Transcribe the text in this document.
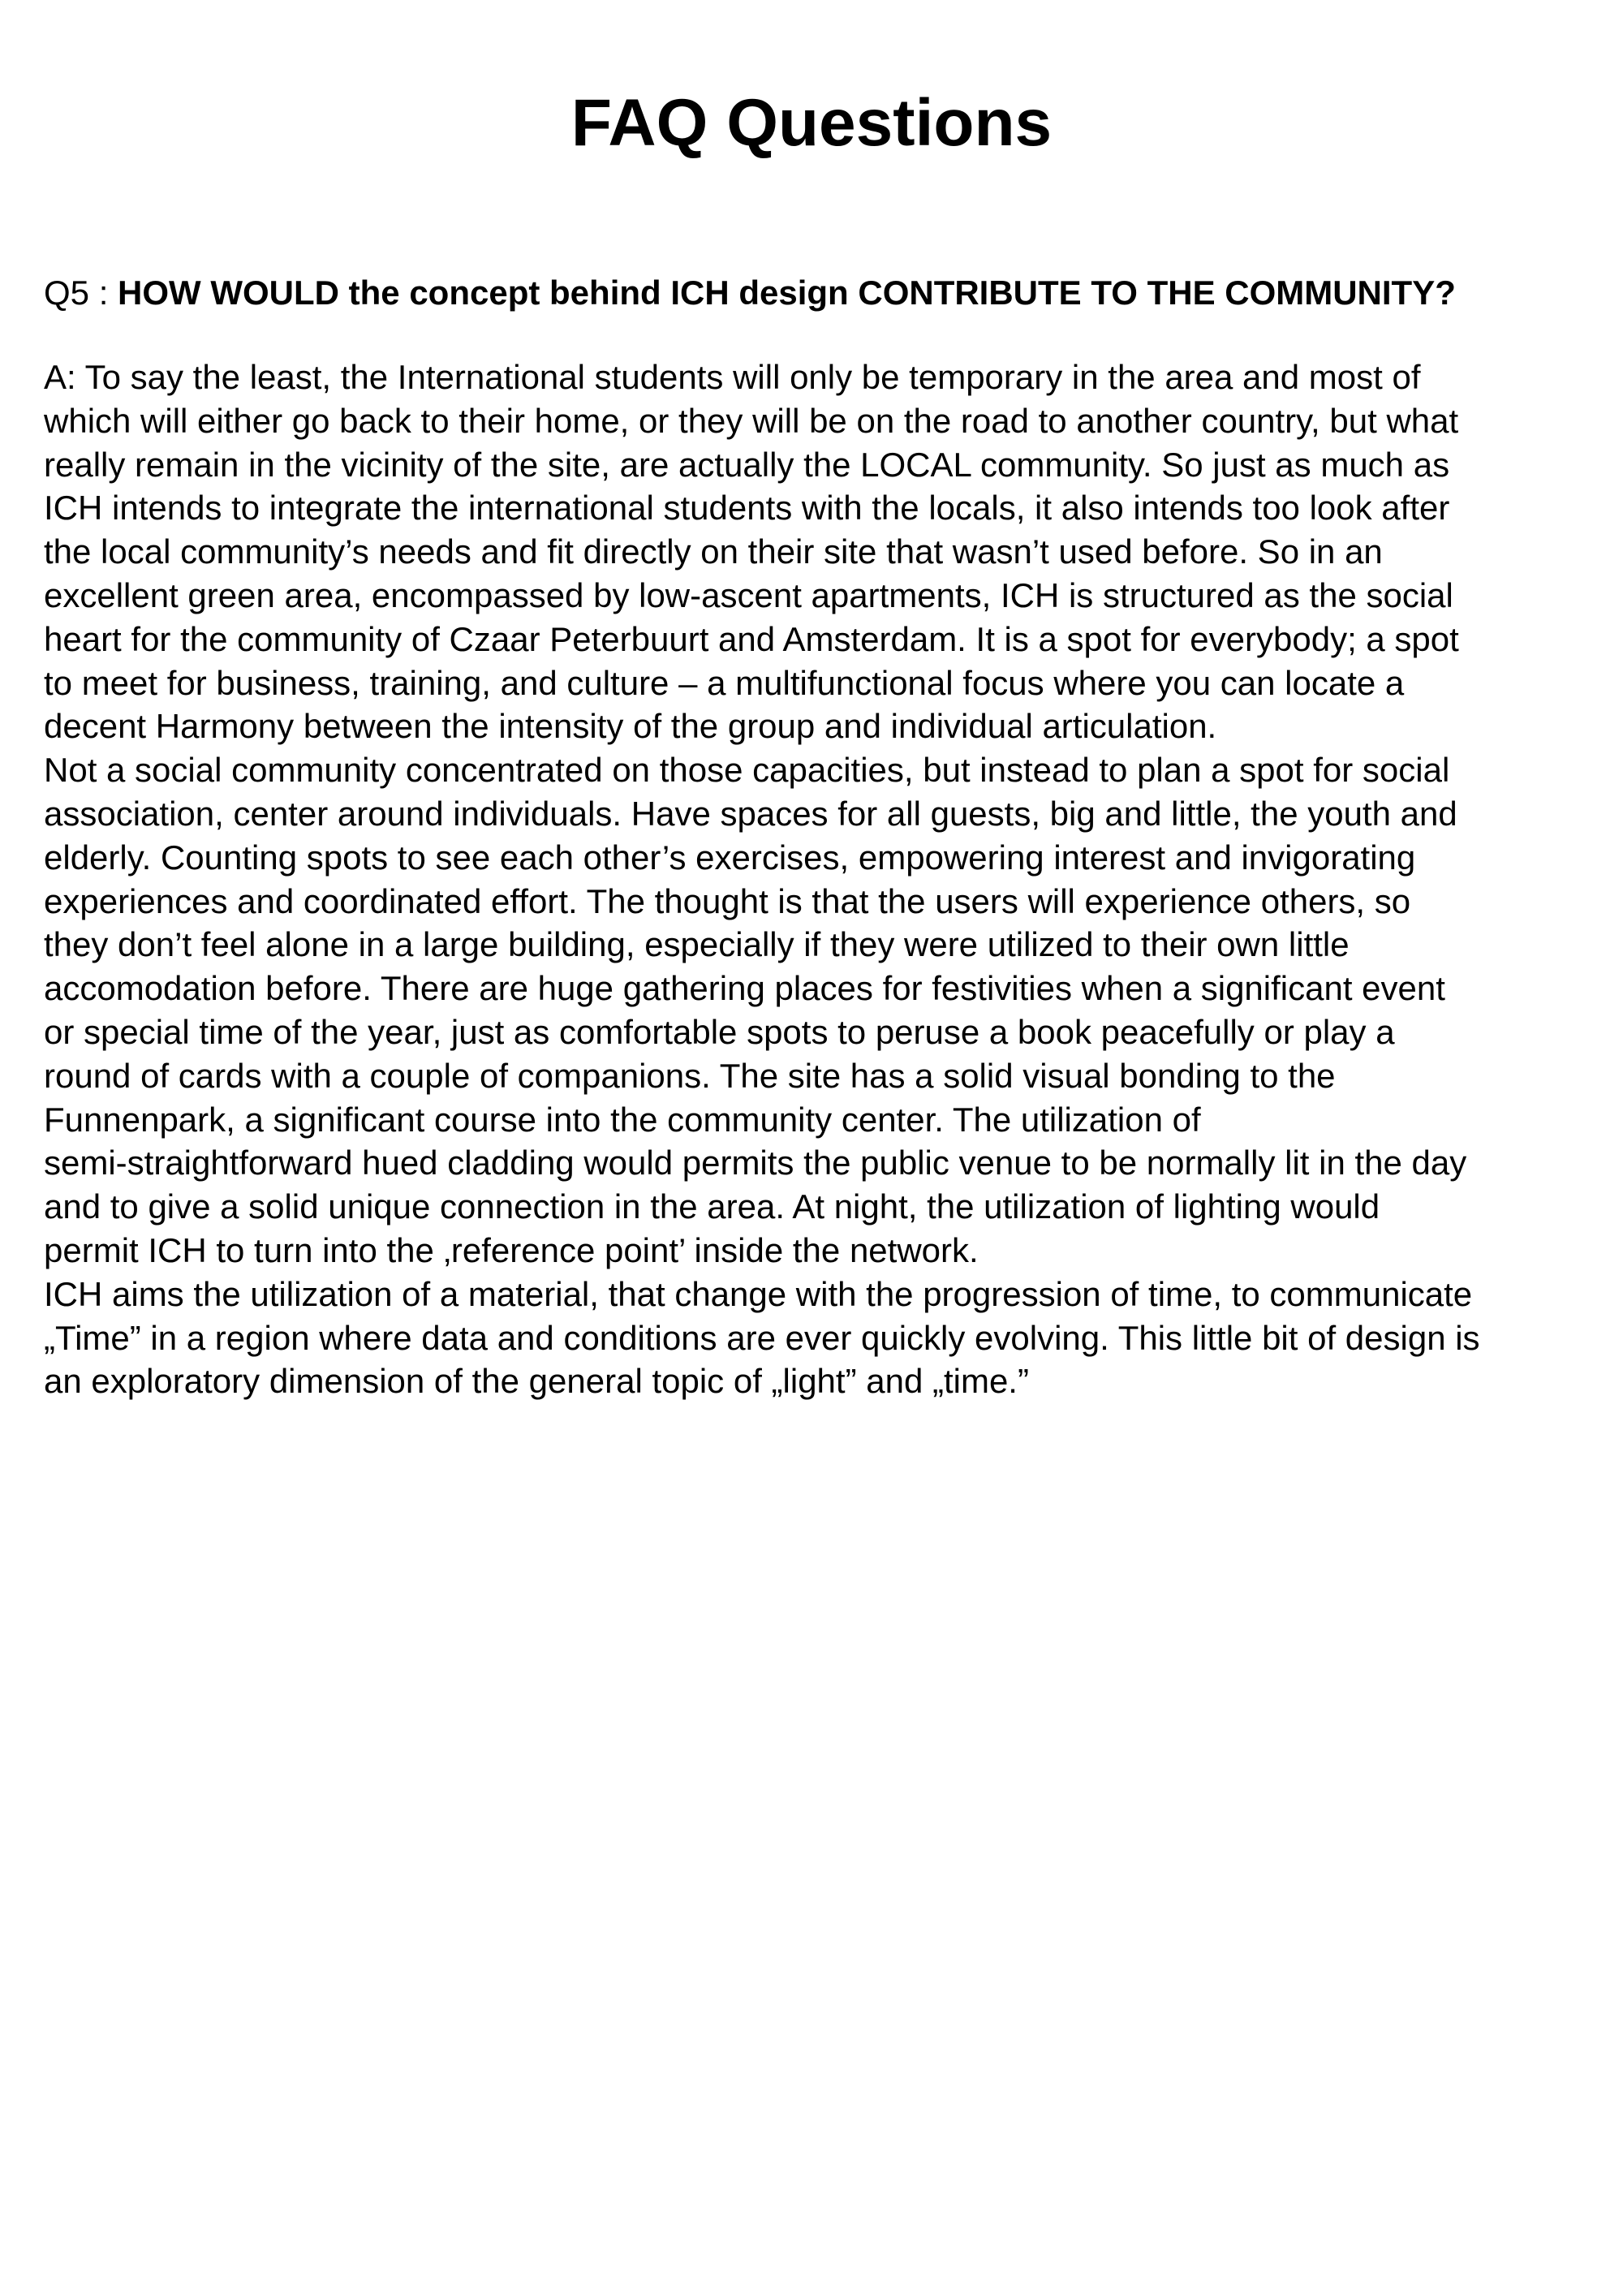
FAQ Questions
Q5 : HOW WOULD the concept behind ICH design CONTRIBUTE TO THE COMMUNITY?

A: To say the least, the International students will only be temporary in the area and most of

which will either go back to their home, or they will be on the road to another country, but what

really remain in the vicinity of the site, are actually the LOCAL community. So just as much as

ICH intends to integrate the international students with the locals, it also intends too look after

the local community’s needs and fit directly on their site that wasn’t used before. So in an

excellent green area, encompassed by low-ascent apartments, ICH is structured as the social

heart for the community of Czaar Peterbuurt and Amsterdam. It is a spot for everybody; a spot

to meet for business, training, and culture – a multifunctional focus where you can locate a

decent Harmony between the intensity of the group and individual articulation.

Not a social community concentrated on those capacities, but instead to plan a spot for social

association, center around individuals. Have spaces for all guests, big and little, the youth and

elderly. Counting spots to see each other’s exercises, empowering interest and invigorating

experiences and coordinated effort. The thought is that the users will experience others, so

they don’t feel alone in a large building, especially if they were utilized to their own little

accomodation before. There are huge gathering places for festivities when a significant event

or special time of the year, just as comfortable spots to peruse a book peacefully or play a

round of cards with a couple of companions. The site has a solid visual bonding to the

Funnenpark, a significant course into the community center. The utilization of

semi-straightforward hued cladding would permits the public venue to be normally lit in the day

and to give a solid unique connection in the area. At night, the utilization of lighting would

permit ICH to turn into the ‚reference point’ inside the network.

ICH aims the utilization of a material, that change with the progression of time, to communicate

„Time” in a region where data and conditions are ever quickly evolving. This little bit of design is

an exploratory dimension of the general topic of „light” and „time.”
